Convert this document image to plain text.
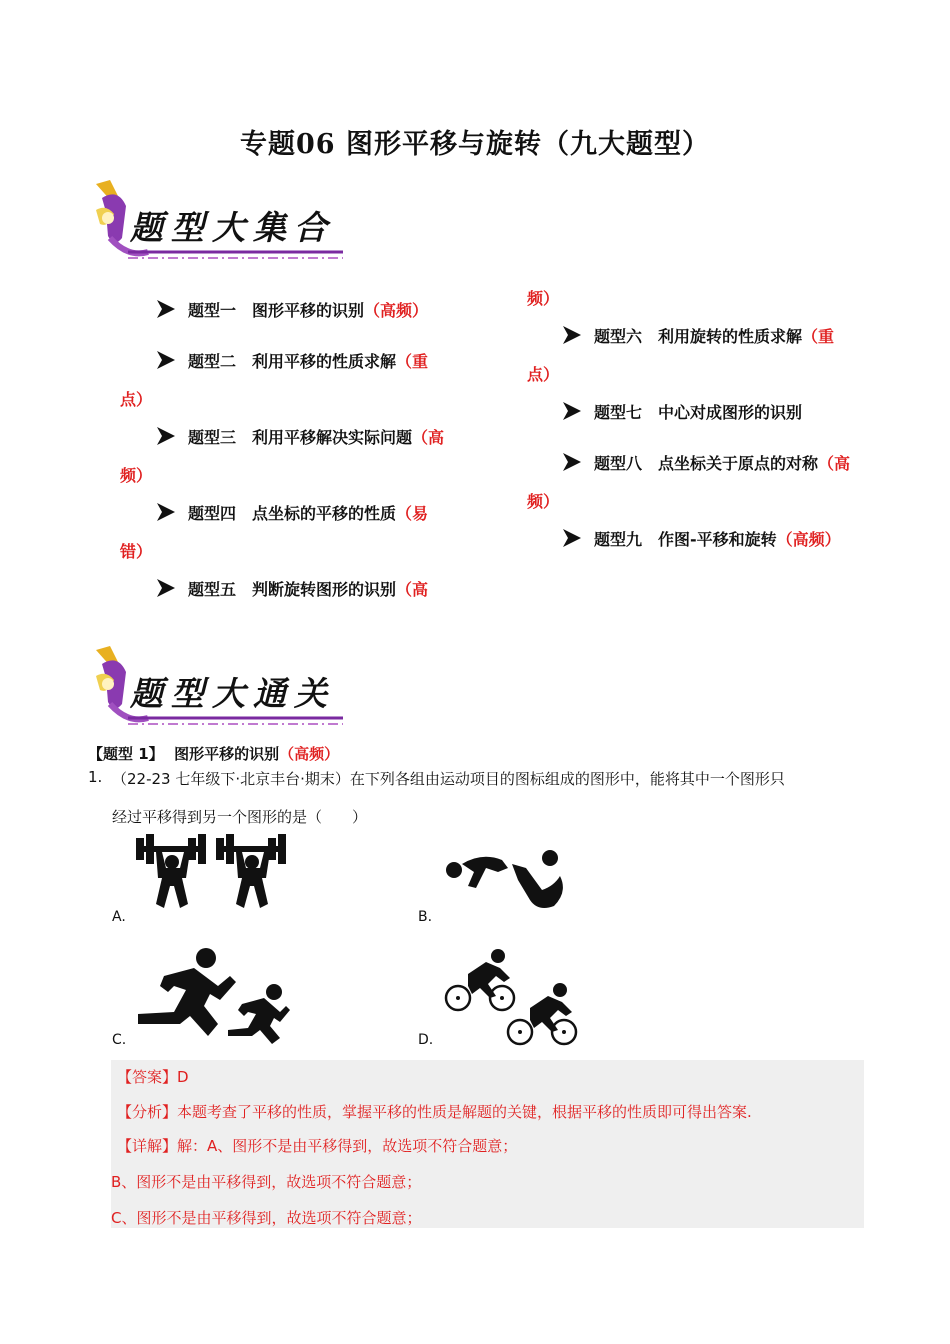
专题06 图形平移与旋转（九大题型）
题型大集合
题型一 图形平移的识别（高频）
题型二 利用平移的性质求解（重
点）
题型三 利用平移解决实际问题（高
频）
题型四 点坐标的平移的性质（易
错）
题型五 判断旋转图形的识别（高
频）
题型六 利用旋转的性质求解（重
点）
题型七 中心对成图形的识别
题型八 点坐标关于原点的对称（高
频）
题型九 作图-平移和旋转（高频）
题型大通关
【题型 1】 图形平移的识别（高频）
1. （22-23 七年级下·北京丰台·期末）在下列各组由运动项目的图标组成的图形中，能将其中一个图形只
经过平移得到另一个图形的是（　　）
A.	B.
C.	D.
【答案】D
【分析】本题考查了平移的性质，掌握平移的性质是解题的关键，根据平移的性质即可得出答案.
【详解】解：A、图形不是由平移得到，故选项不符合题意；
B、图形不是由平移得到，故选项不符合题意；
C、图形不是由平移得到，故选项不符合题意；
